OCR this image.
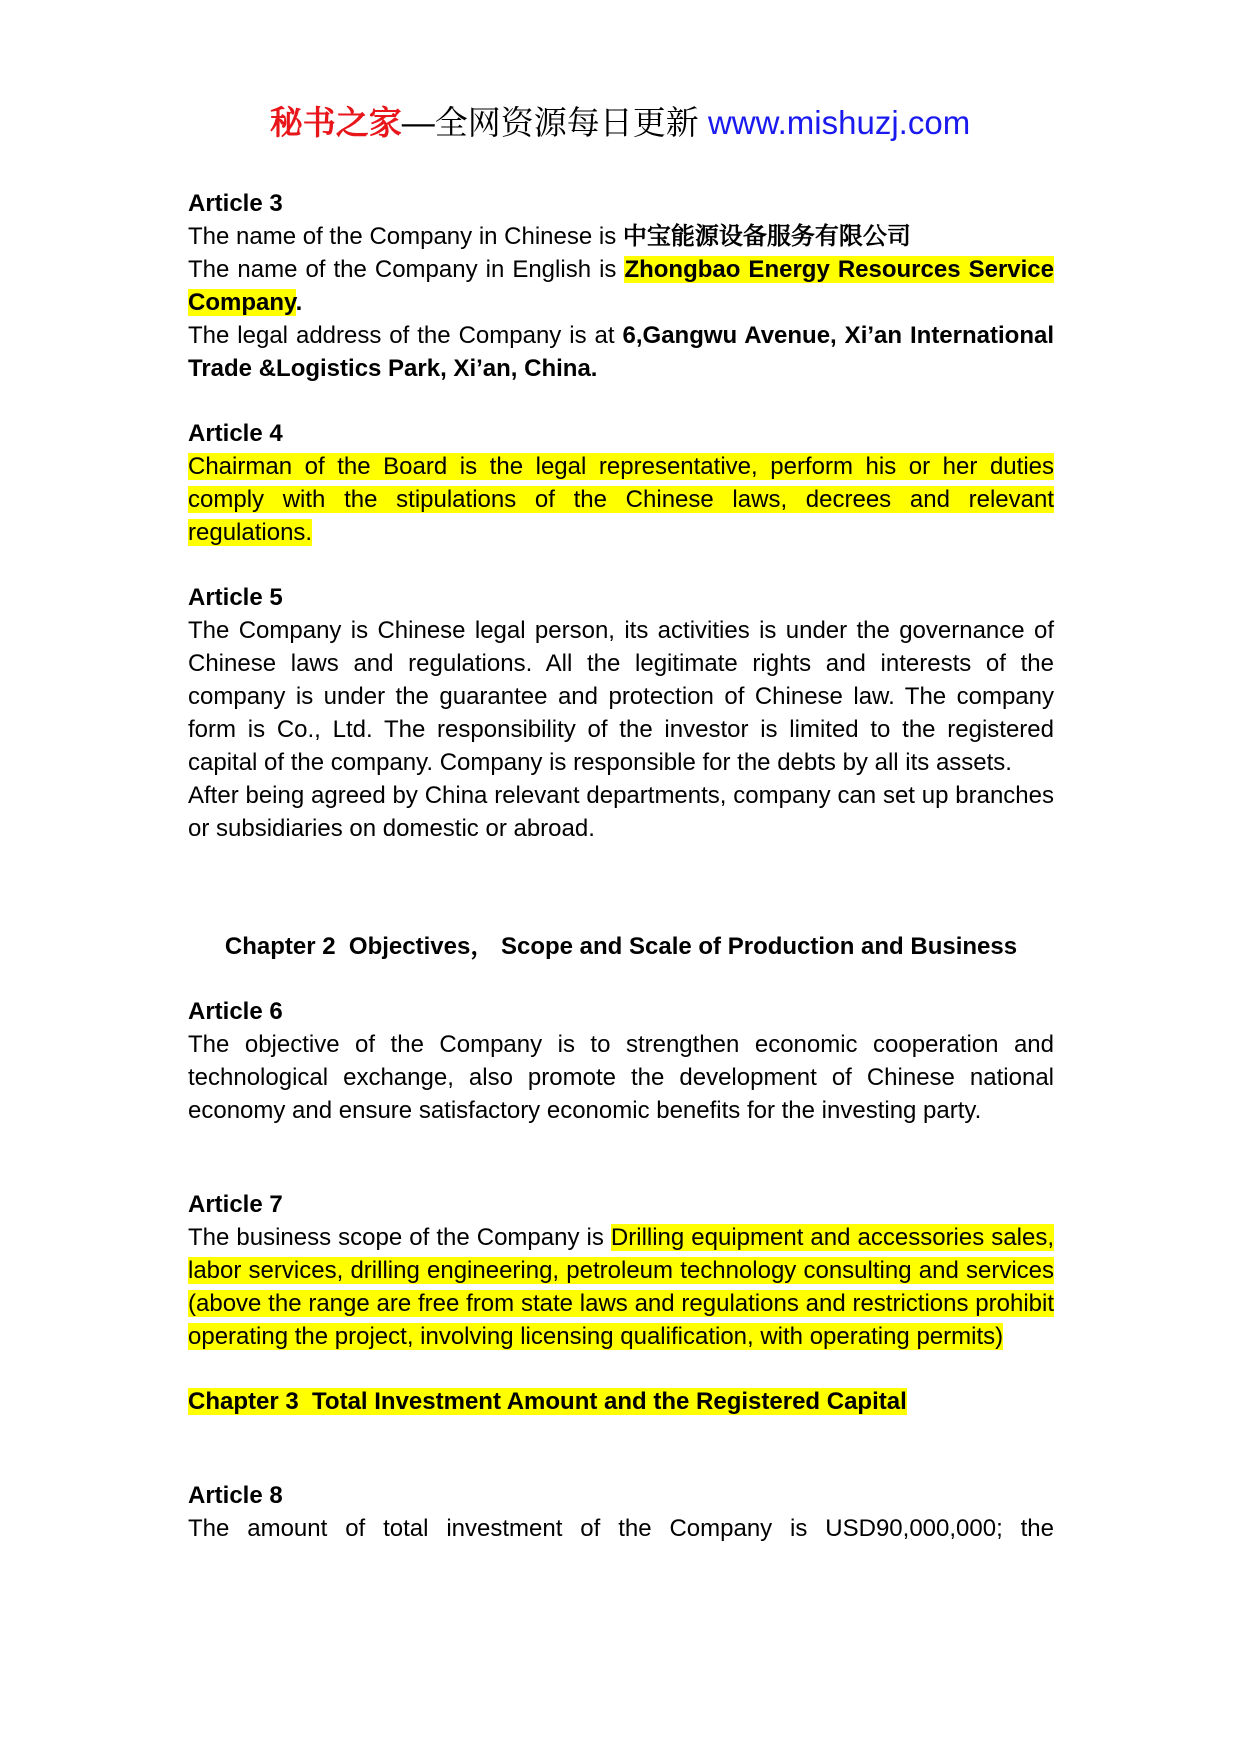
秘书之家—全网资源每日更新 www.mishuzj.com

Article 3

The name of the Company in Chinese is 中宝能源设备服务有限公司

The name of the Company in English is Zhongbao Energy Resources Service Company.

The legal address of the Company is at 6,Gangwu Avenue, Xi’an International Trade &Logistics Park, Xi’an, China.

Article 4

Chairman of the Board is the legal representative, perform his or her duties comply with the stipulations of the Chinese laws, decrees and relevant regulations.

Article 5

The Company is Chinese legal person, its activities is under the governance of Chinese laws and regulations. All the legitimate rights and interests of the company is under the guarantee and protection of Chinese law. The company form is Co., Ltd. The responsibility of the investor is limited to the registered capital of the company. Company is responsible for the debts by all its assets.

After being agreed by China relevant departments, company can set up branches or subsidiaries on domestic or abroad.

Chapter 2  Objectives， Scope and Scale of Production and Business

Article 6

The objective of the Company is to strengthen economic cooperation and technological exchange, also promote the development of Chinese national economy and ensure satisfactory economic benefits for the investing party.

Article 7

The business scope of the Company is Drilling equipment and accessories sales, labor services, drilling engineering, petroleum technology consulting and services (above the range are free from state laws and regulations and restrictions prohibit operating the project, involving licensing qualification, with operating permits)

Chapter 3  Total Investment Amount and the Registered Capital

Article 8

The amount of total investment of the Company is USD90,000,000; the
